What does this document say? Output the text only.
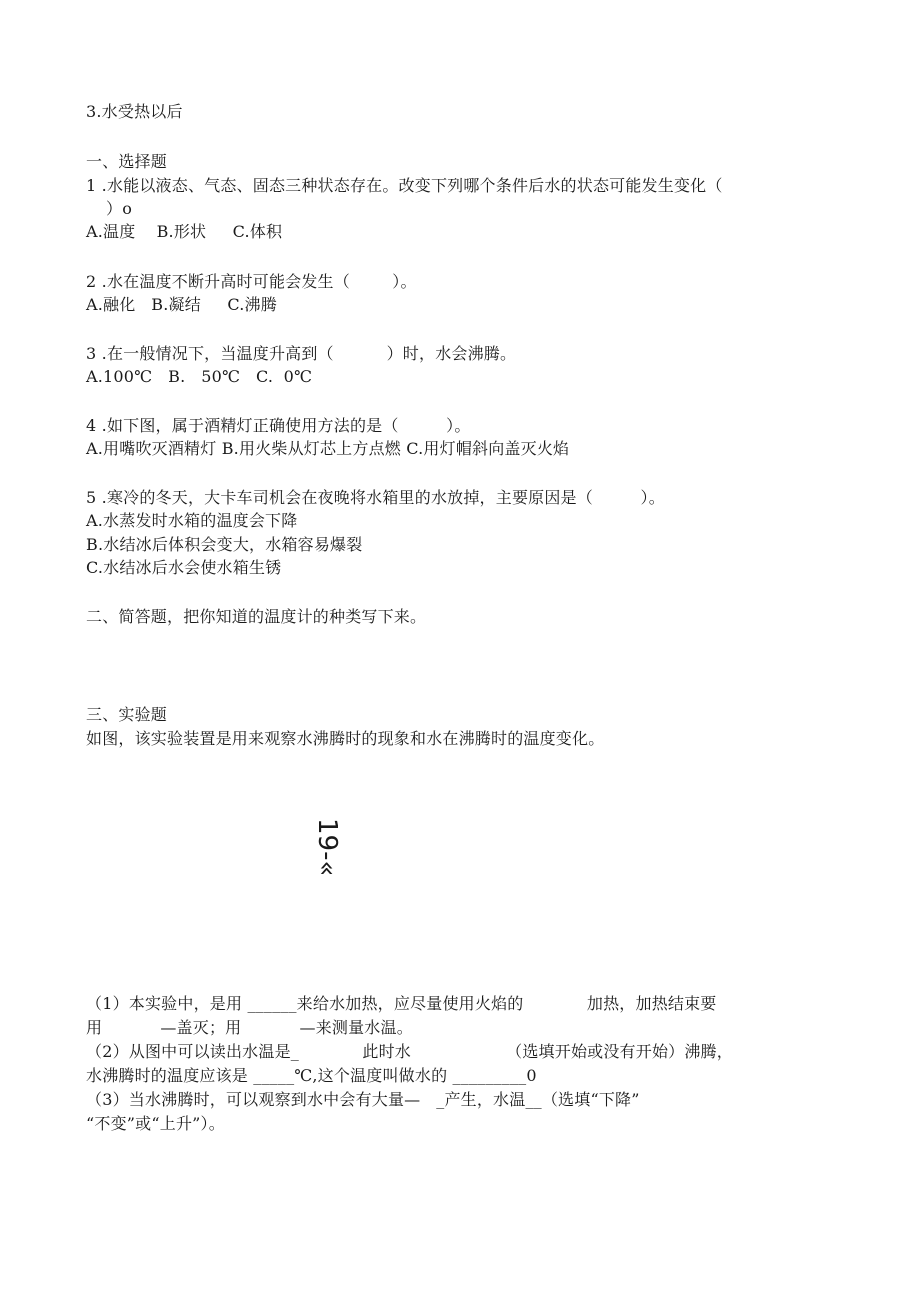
3.水受热以后
一、选择题
1 .水能以液态、气态、固态三种状态存在。改变下列哪个条件后水的状态可能发生变化（
）o
A.温度    B.形状     C.体积
2 .水在温度不断升高时可能会发生（        ）。
A.融化   B.凝结     C.沸腾
3 .在一般情况下，当温度升高到（          ）时，水会沸腾。
A.100℃   B.   50℃   C.  0℃
4 .如下图，属于酒精灯正确使用方法的是（         ）。
A.用嘴吹灭酒精灯 B.用火柴从灯芯上方点燃 C.用灯帽斜向盖灭火焰
5 .寒冷的冬天，大卡车司机会在夜晚将水箱里的水放掉，主要原因是（         ）。
A.水蒸发时水箱的温度会下降
B.水结冰后体积会变大，水箱容易爆裂
C.水结冰后水会使水箱生锈
二、简答题，把你知道的温度计的种类写下来。
三、实验题
如图，该实验装置是用来观察水沸腾时的现象和水在沸腾时的温度变化。
19-«
（1）本实验中，是用 ______来给水加热，应尽量使用火焰的            加热，加热结束要
用           —盖灭；用           —来测量水温。
（2）从图中可以读出水温是_            此时水                  （选填开始或没有开始）沸腾，
水沸腾时的温度应该是 _____℃,这个温度叫做水的 _________0
（3）当水沸腾时，可以观察到水中会有大量—   _产生，水温__（选填“下降”
“不变”或“上升”）。
